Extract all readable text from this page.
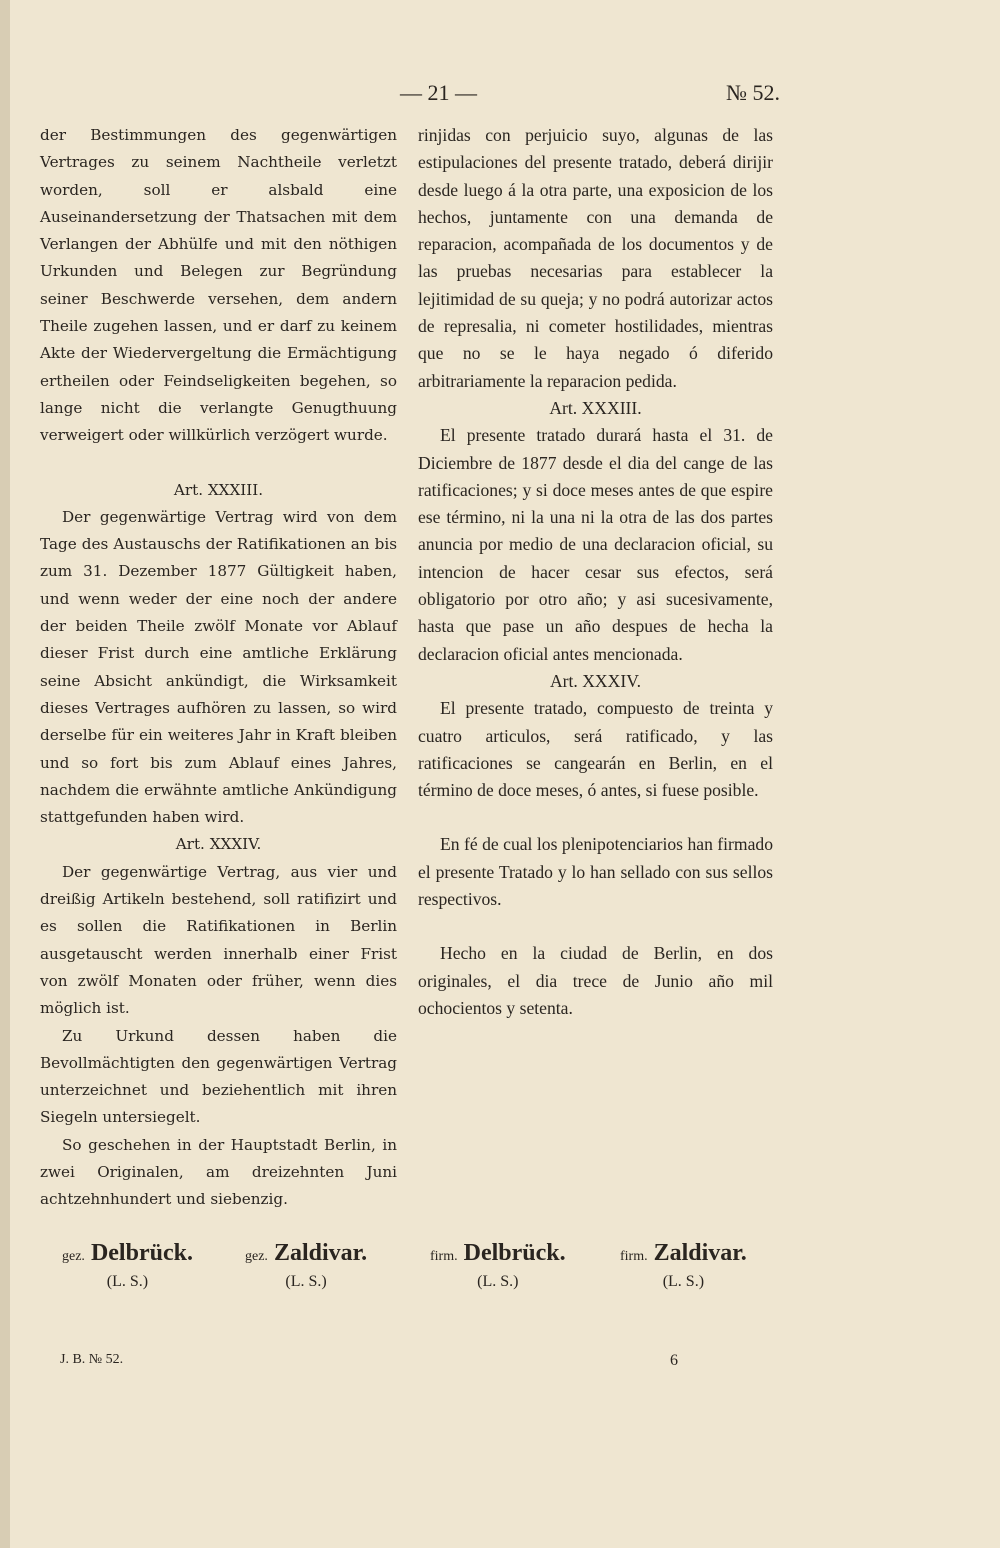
— 21 —	№ 52.

der Bestimmungen des gegenwärtigen Vertrages zu seinem Nachtheile verletzt worden, soll er alsbald eine Auseinandersetzung der Thatsachen mit dem Verlangen der Abhülfe und mit den nöthigen Urkunden und Belegen zur Begründung seiner Beschwerde versehen, dem andern Theile zugehen lassen, und er darf zu keinem Akte der Wiedervergeltung die Ermächtigung ertheilen oder Feindseligkeiten begehen, so lange nicht die verlangte Genugthuung verweigert oder willkürlich verzögert wurde.

Art. XXXIII.

Der gegenwärtige Vertrag wird von dem Tage des Austauschs der Ratifikationen an bis zum 31. Dezember 1877 Gültigkeit haben, und wenn weder der eine noch der andere der beiden Theile zwölf Monate vor Ablauf dieser Frist durch eine amtliche Erklärung seine Absicht ankündigt, die Wirksamkeit dieses Vertrages aufhören zu lassen, so wird derselbe für ein weiteres Jahr in Kraft bleiben und so fort bis zum Ablauf eines Jahres, nachdem die erwähnte amtliche Ankündigung stattgefunden haben wird.

Art. XXXIV.

Der gegenwärtige Vertrag, aus vier und dreißig Artikeln bestehend, soll ratifizirt und es sollen die Ratifikationen in Berlin ausgetauscht werden innerhalb einer Frist von zwölf Monaten oder früher, wenn dies möglich ist.

Zu Urkund dessen haben die Bevollmächtigten den gegenwärtigen Vertrag unterzeichnet und beziehentlich mit ihren Siegeln untersiegelt.

So geschehen in der Hauptstadt Berlin, in zwei Originalen, am dreizehnten Juni achtzehnhundert und siebenzig.

rinjidas con perjuicio suyo, algunas de las estipulaciones del presente tratado, deberá dirijir desde luego á la otra parte, una exposicion de los hechos, juntamente con una demanda de reparacion, acompañada de los documentos y de las pruebas necesarias para establecer la lejitimidad de su queja; y no podrá autorizar actos de represalia, ni cometer hostilidades, mientras que no se le haya negado ó diferido arbitrariamente la reparacion pedida.

Art. XXXIII.

El presente tratado durará hasta el 31. de Diciembre de 1877 desde el dia del cange de las ratificaciones; y si doce meses antes de que espire ese término, ni la una ni la otra de las dos partes anuncia por medio de una declaracion oficial, su intencion de hacer cesar sus efectos, será obligatorio por otro año; y asi sucesivamente, hasta que pase un año despues de hecha la declaracion oficial antes mencionada.

Art. XXXIV.

El presente tratado, compuesto de treinta y cuatro articulos, será ratificado, y las ratificaciones se cangearán en Berlin, en el término de doce meses, ó antes, si fuese posible.

En fé de cual los plenipotenciarios han firmado el presente Tratado y lo han sellado con sus sellos respectivos.

Hecho en la ciudad de Berlin, en dos originales, el dia trece de Junio año mil ochocientos y setenta.

gez. Delbrück.
(L. S.)
gez. Zaldivar.
(L. S.)
firm. Delbrück.
(L. S.)
firm. Zaldivar.
(L. S.)
J. B. № 52.	6
